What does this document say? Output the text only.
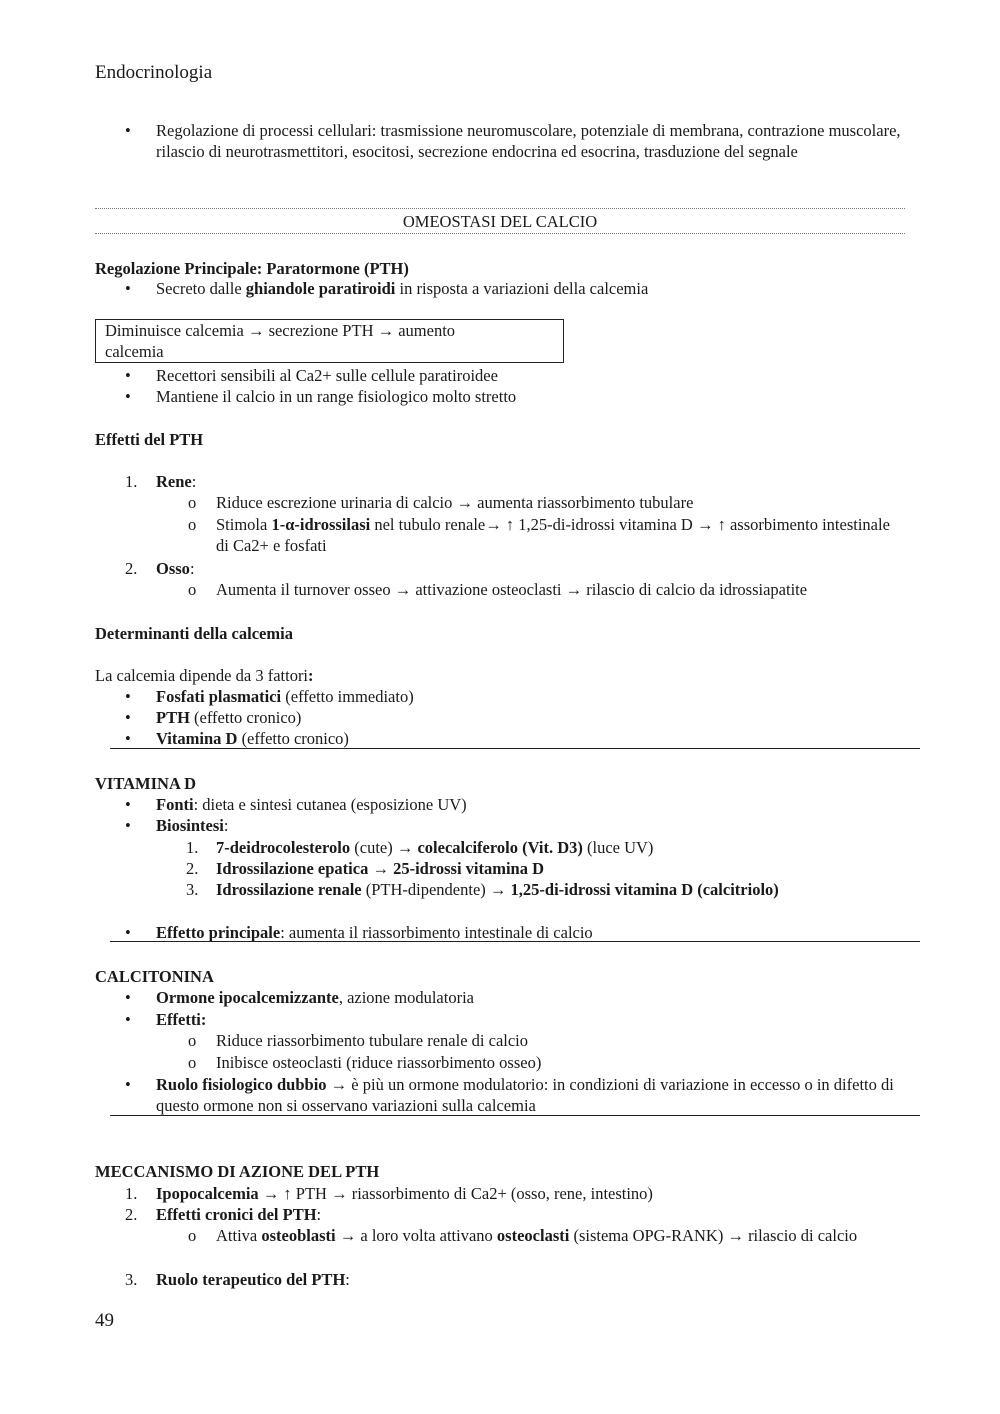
Endocrinologia
Regolazione di processi cellulari: trasmissione neuromuscolare, potenziale di membrana, contrazione muscolare, rilascio di neurotrasmettitori, esocitosi, secrezione endocrina ed esocrina, trasduzione del segnale
OMEOSTASI DEL CALCIO
Regolazione Principale: Paratormone (PTH)
Secreto dalle ghiandole paratiroidi in risposta a variazioni della calcemia
Diminuisce calcemia → secrezione PTH → aumento
calcemia
Recettori sensibili al Ca2+ sulle cellule paratiroidee
Mantiene il calcio in un range fisiologico molto stretto
Effetti del PTH
1. Rene:
o Riduce escrezione urinaria di calcio → aumenta riassorbimento tubulare
o Stimola 1-α-idrossilasi nel tubulo renale→ ↑ 1,25-di-idrossi vitamina D → ↑ assorbimento intestinale di Ca2+ e fosfati
2. Osso:
o Aumenta il turnover osseo → attivazione osteoclasti → rilascio di calcio da idrossiapatite
Determinanti della calcemia
La calcemia dipende da 3 fattori:
Fosfati plasmatici (effetto immediato)
PTH (effetto cronico)
Vitamina D (effetto cronico)
VITAMINA D
Fonti: dieta e sintesi cutanea (esposizione UV)
Biosintesi:
1. 7-deidrocolesterolo (cute) → colecalciferolo (Vit. D3) (luce UV)
2. Idrossilazione epatica → 25-idrossi vitamina D
3. Idrossilazione renale (PTH-dipendente) → 1,25-di-idrossi vitamina D (calcitriolo)
Effetto principale: aumenta il riassorbimento intestinale di calcio
CALCITONINA
Ormone ipocalcemizzante, azione modulatoria
Effetti:
o Riduce riassorbimento tubulare renale di calcio
o Inibisce osteoclasti (riduce riassorbimento osseo)
Ruolo fisiologico dubbio → è più un ormone modulatorio: in condizioni di variazione in eccesso o in difetto di questo ormone non si osservano variazioni sulla calcemia
MECCANISMO DI AZIONE DEL PTH
1. Ipopocalcemia → ↑ PTH → riassorbimento di Ca2+ (osso, rene, intestino)
2. Effetti cronici del PTH:
o Attiva osteoblasti → a loro volta attivano osteoclasti (sistema OPG-RANK) → rilascio di calcio
3. Ruolo terapeutico del PTH:
49
